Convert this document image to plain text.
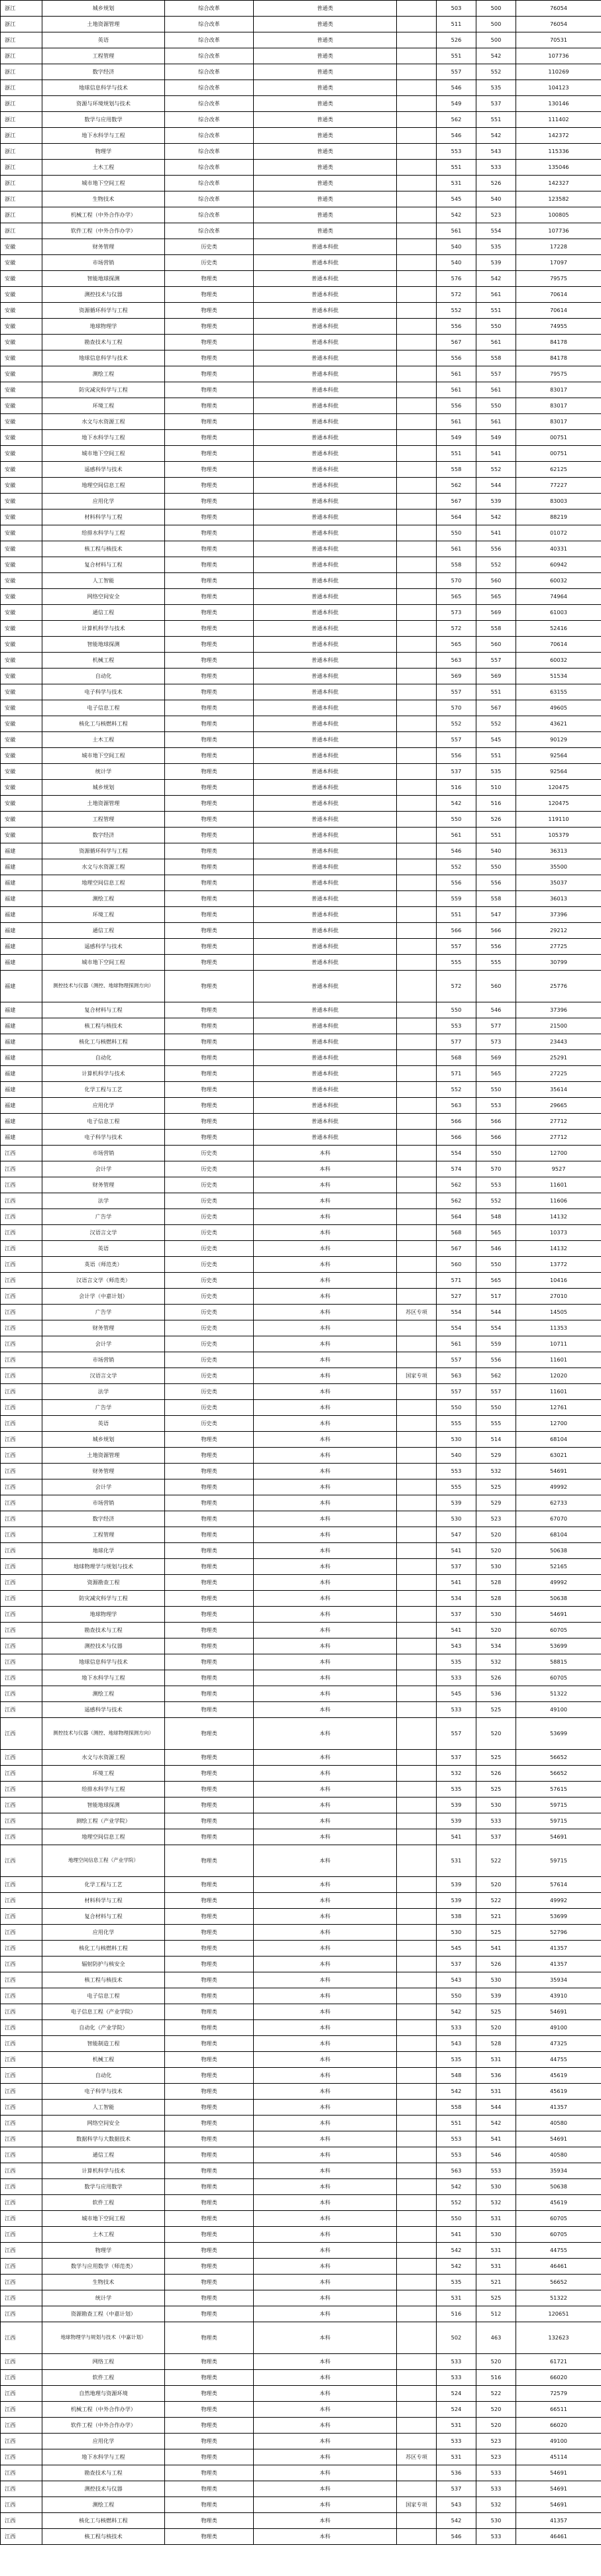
浙江	城乡规划	综合改革	普通类		503	500	76054
浙江	土地资源管理	综合改革	普通类		511	500	76054
浙江	英语	综合改革	普通类		526	500	70531
浙江	工程管理	综合改革	普通类		551	542	107736
浙江	数字经济	综合改革	普通类		557	552	110269
浙江	地球信息科学与技术	综合改革	普通类		546	535	104123
浙江	资源与环境规划与技术	综合改革	普通类		549	537	130146
浙江	数学与应用数学	综合改革	普通类		562	551	111402
浙江	地下水科学与工程	综合改革	普通类		546	542	142372
浙江	物理学	综合改革	普通类		553	543	115336
浙江	土木工程	综合改革	普通类		551	533	135046
浙江	城市地下空间工程	综合改革	普通类		531	526	142327
浙江	生物技术	综合改革	普通类		545	540	123582
浙江	机械工程（中外合作办学）	综合改革	普通类		542	523	100805
浙江	软件工程（中外合作办学）	综合改革	普通类		561	554	107736
安徽	财务管理	历史类	普通本科批		540	535	17228
安徽	市场营销	历史类	普通本科批		540	539	17097
安徽	智能地球探测	物理类	普通本科批		576	542	79575
安徽	测控技术与仪器	物理类	普通本科批		572	561	70614
安徽	资源循环科学与工程	物理类	普通本科批		552	551	70614
安徽	地球物理学	物理类	普通本科批		556	550	74955
安徽	勘查技术与工程	物理类	普通本科批		567	561	84178
安徽	地球信息科学与技术	物理类	普通本科批		556	558	84178
安徽	测绘工程	物理类	普通本科批		561	557	79575
安徽	防灾减灾科学与工程	物理类	普通本科批		561	561	83017
安徽	环境工程	物理类	普通本科批		556	550	83017
安徽	水文与水资源工程	物理类	普通本科批		561	561	83017
安徽	地下水科学与工程	物理类	普通本科批		549	549	00751
安徽	城市地下空间工程	物理类	普通本科批		551	541	00751
安徽	遥感科学与技术	物理类	普通本科批		558	552	62125
安徽	地理空间信息工程	物理类	普通本科批		562	544	77227
安徽	应用化学	物理类	普通本科批		567	539	83003
安徽	材料科学与工程	物理类	普通本科批		564	542	88219
安徽	给排水科学与工程	物理类	普通本科批		550	541	01072
安徽	核工程与核技术	物理类	普通本科批		561	556	40331
安徽	复合材料与工程	物理类	普通本科批		558	552	60942
安徽	人工智能	物理类	普通本科批		570	560	60032
安徽	网络空间安全	物理类	普通本科批		565	565	74964
安徽	通信工程	物理类	普通本科批		573	569	61003
安徽	计算机科学与技术	物理类	普通本科批		572	558	52416
安徽	智能地球探测	物理类	普通本科批		565	560	70614
安徽	机械工程	物理类	普通本科批		563	557	60032
安徽	自动化	物理类	普通本科批		569	569	51534
安徽	电子科学与技术	物理类	普通本科批		557	551	63155
安徽	电子信息工程	物理类	普通本科批		570	567	49605
安徽	核化工与核燃料工程	物理类	普通本科批		552	552	43621
安徽	土木工程	物理类	普通本科批		557	545	90129
安徽	城市地下空间工程	物理类	普通本科批		556	551	92564
安徽	统计学	物理类	普通本科批		537	535	92564
安徽	城乡规划	物理类	普通本科批		516	510	120475
安徽	土地资源管理	物理类	普通本科批		542	516	120475
安徽	工程管理	物理类	普通本科批		550	526	119110
安徽	数字经济	物理类	普通本科批		561	551	105379
福建	资源循环科学与工程	物理类	普通本科批		546	540	36313
福建	水文与水资源工程	物理类	普通本科批		552	550	35500
福建	地理空间信息工程	物理类	普通本科批		556	556	35037
福建	测绘工程	物理类	普通本科批		559	558	36013
福建	环境工程	物理类	普通本科批		551	547	37396
福建	通信工程	物理类	普通本科批		566	566	29212
福建	遥感科学与技术	物理类	普通本科批		557	556	27725
福建	城市地下空间工程	物理类	普通本科批		555	555	30799
福建	测控技术与仪器（测控、地球物理探测方向）	物理类	普通本科批		572	560	25776
福建	复合材料与工程	物理类	普通本科批		550	546	37396
福建	核工程与核技术	物理类	普通本科批		553	577	21500
福建	核化工与核燃料工程	物理类	普通本科批		577	573	23443
福建	自动化	物理类	普通本科批		568	569	25291
福建	计算机科学与技术	物理类	普通本科批		571	565	27225
福建	化学工程与工艺	物理类	普通本科批		552	550	35614
福建	应用化学	物理类	普通本科批		563	553	29665
福建	电子信息工程	物理类	普通本科批		566	566	27712
福建	电子科学与技术	物理类	普通本科批		566	566	27712
江西	市场营销	历史类	本科		554	550	12700
江西	会计学	历史类	本科		574	570	9527
江西	财务管理	历史类	本科		562	553	11601
江西	法学	历史类	本科		562	552	11606
江西	广告学	历史类	本科		564	548	14132
江西	汉语言文学	历史类	本科		568	565	10373
江西	英语	历史类	本科		567	546	14132
江西	英语（师范类）	历史类	本科		560	550	13772
江西	汉语言文学（师范类）	历史类	本科		571	565	10416
江西	会计学（中嘉计划）	历史类	本科		527	517	27010
江西	广告学	历史类	本科	苏区专项	554	544	14505
江西	财务管理	历史类	本科		554	554	11353
江西	会计学	历史类	本科		561	559	10711
江西	市场营销	历史类	本科		557	556	11601
江西	汉语言文学	历史类	本科	国家专项	563	562	12020
江西	法学	历史类	本科		557	557	11601
江西	广告学	历史类	本科		550	550	12761
江西	英语	历史类	本科		555	555	12700
江西	城乡规划	物理类	本科		530	514	68104
江西	土地资源管理	物理类	本科		540	529	63021
江西	财务管理	物理类	本科		553	532	54691
江西	会计学	物理类	本科		555	525	49992
江西	市场营销	物理类	本科		539	529	62733
江西	数字经济	物理类	本科		530	523	67070
江西	工程管理	物理类	本科		547	520	68104
江西	地球化学	物理类	本科		541	520	50638
江西	地球物理学与规划与技术	物理类	本科		537	530	52165
江西	资源勘查工程	物理类	本科		541	528	49992
江西	防灾减灾科学与工程	物理类	本科		534	528	50638
江西	地球物理学	物理类	本科		537	530	54691
江西	勘查技术与工程	物理类	本科		541	520	60705
江西	测控技术与仪器	物理类	本科		543	534	53699
江西	地球信息科学与技术	物理类	本科		535	532	58815
江西	地下水科学与工程	物理类	本科		533	526	60705
江西	测绘工程	物理类	本科		545	536	51322
江西	遥感科学与技术	物理类	本科		533	525	49100
江西	测控技术与仪器（测控、地球物理探测方向）	物理类	本科		557	520	53699
江西	水文与水资源工程	物理类	本科		537	525	56652
江西	环境工程	物理类	本科		532	526	56652
江西	给排水科学与工程	物理类	本科		535	525	57615
江西	智能地球探测	物理类	本科		539	530	59715
江西	测绘工程（产业学院）	物理类	本科		539	533	59715
江西	地理空间信息工程	物理类	本科		541	537	54691
江西	地理空间信息工程（产业学院）	物理类	本科		531	522	59715
江西	化学工程与工艺	物理类	本科		539	520	57614
江西	材料科学与工程	物理类	本科		539	522	49992
江西	复合材料与工程	物理类	本科		538	521	53699
江西	应用化学	物理类	本科		530	525	52796
江西	核化工与核燃料工程	物理类	本科		545	541	41357
江西	辐射防护与核安全	物理类	本科		537	526	41357
江西	核工程与核技术	物理类	本科		543	530	35934
江西	电子信息工程	物理类	本科		550	539	43910
江西	电子信息工程（产业学院）	物理类	本科		542	525	54691
江西	自动化（产业学院）	物理类	本科		533	520	49100
江西	智能制造工程	物理类	本科		543	528	47325
江西	机械工程	物理类	本科		535	531	44755
江西	自动化	物理类	本科		548	536	45619
江西	电子科学与技术	物理类	本科		542	531	45619
江西	人工智能	物理类	本科		558	544	41357
江西	网络空间安全	物理类	本科		551	542	40580
江西	数据科学与大数据技术	物理类	本科		553	541	54691
江西	通信工程	物理类	本科		553	546	40580
江西	计算机科学与技术	物理类	本科		563	553	35934
江西	数学与应用数学	物理类	本科		542	530	50638
江西	软件工程	物理类	本科		552	532	45619
江西	城市地下空间工程	物理类	本科		550	531	60705
江西	土木工程	物理类	本科		541	530	60705
江西	物理学	物理类	本科		542	531	44755
江西	数学与应用数学（师范类）	物理类	本科		542	531	46461
江西	生物技术	物理类	本科		535	521	56652
江西	统计学	物理类	本科		531	525	51322
江西	资源勘查工程（中嘉计划）	物理类	本科		516	512	120651
江西	地球物理学与规划与技术（中嘉计划）	物理类	本科		502	463	132623
江西	网络工程	物理类	本科		533	520	61721
江西	软件工程	物理类	本科		533	516	66020
江西	自然地理与资源环境	物理类	本科		524	522	72579
江西	机械工程（中外合作办学）	物理类	本科		524	520	66511
江西	软件工程（中外合作办学）	物理类	本科		531	520	66020
江西	应用化学	物理类	本科		533	523	49100
江西	地下水科学与工程	物理类	本科	苏区专项	531	523	45114
江西	勘查技术与工程	物理类	本科		536	533	54691
江西	测控技术与仪器	物理类	本科		537	533	54691
江西	测绘工程	物理类	本科	国家专项	543	532	54691
江西	核化工与核燃料工程	物理类	本科		542	530	41357
江西	核工程与核技术	物理类	本科		546	533	46461
